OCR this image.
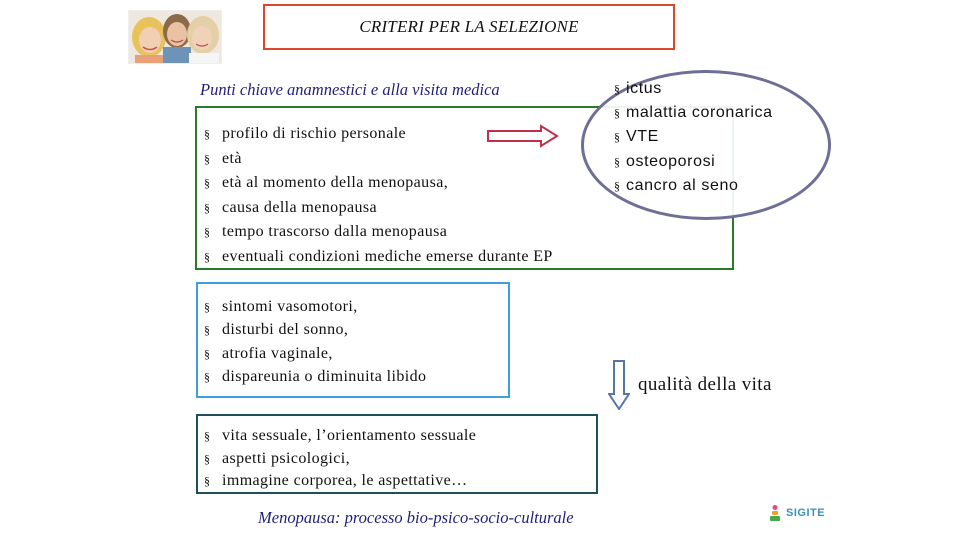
CRITERI PER LA SELEZIONE
Punti chiave anamnestici e alla visita medica
§ profilo di rischio personale
§ età
§ età al momento della menopausa,
§ causa della menopausa
§ tempo trascorso dalla menopausa
§ eventuali condizioni mediche emerse durante EP
§ ictus
§ malattia coronarica
§ VTE
§ osteoporosi
§ cancro al seno
§ sintomi vasomotori,
§ disturbi del sonno,
§ atrofia vaginale,
§ dispareunia o diminuita libido	qualità della vita
§ vita sessuale, l’orientamento sessuale
§ aspetti psicologici,
§ immagine corporea, le aspettative…
Menopausa: processo bio-psico-socio-culturale	SIGITE
